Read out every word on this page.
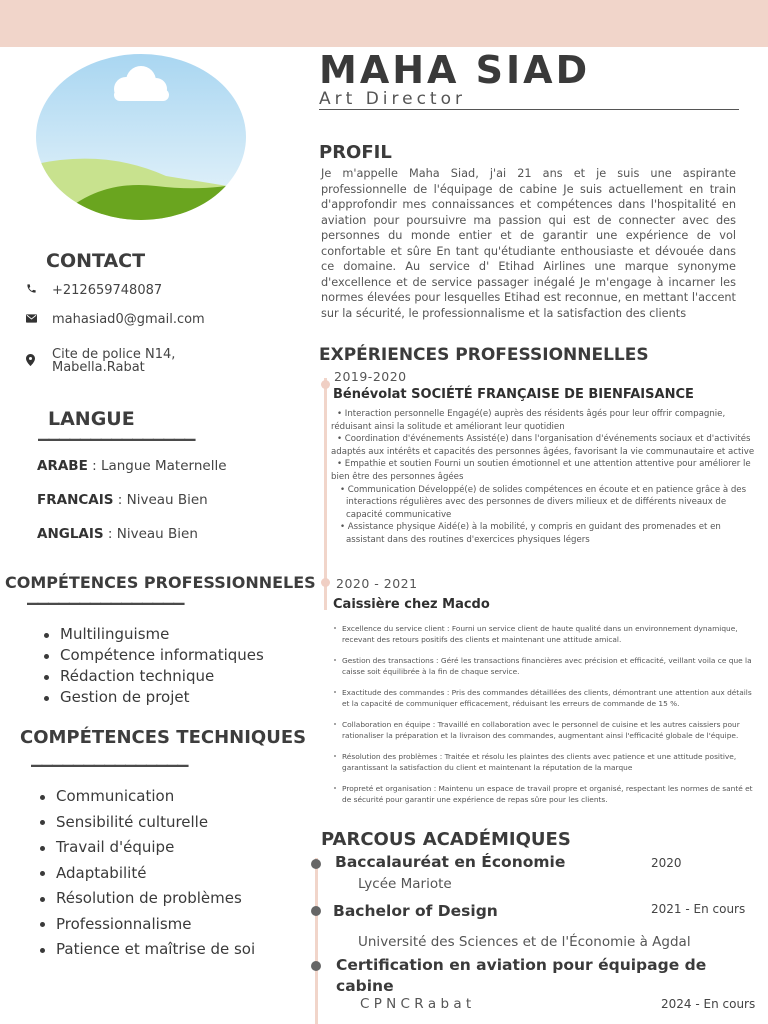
CONTACT
+212659748087
mahasiad0@gmail.com
Cite de police N14,
Mabella.Rabat
LANGUE
–––––––––––––––
ARABE : Langue Maternelle
FRANCAIS : Niveau Bien
ANGLAIS : Niveau Bien
COMPÉTENCES PROFESSIONNELES
–––––––––––––––
Multilinguisme
Compétence informatiques
Rédaction technique
Gestion de projet
COMPÉTENCES TECHNIQUES
–––––––––––––––
Communication
Sensibilité culturelle
Travail d'équipe
Adaptabilité
Résolution de problèmes
Professionnalisme
Patience et maîtrise de soi
MAHA SIAD
Art Director
PROFIL
Je m'appelle Maha Siad, j'ai 21 ans et je suis une aspirante professionnelle de l'équipage de cabine Je suis actuellement en train d'approfondir mes connaissances et compétences dans l'hospitalité en aviation pour poursuivre ma passion qui est de connecter avec des personnes du monde entier et de garantir une expérience de vol confortable et sûre En tant qu'étudiante enthousiaste et dévouée dans ce domaine. Au service d' Etihad Airlines une marque synonyme d'excellence et de service passager inégalé Je m'engage à incarner les normes élevées pour lesquelles Etihad est reconnue, en mettant l'accent sur la sécurité, le professionnalisme et la satisfaction des clients
EXPÉRIENCES PROFESSIONNELLES
2019-2020
Bénévolat SOCIÉTÉ FRANÇAISE DE BIENFAISANCE

• Interaction personnelle Engagé(e) auprès des résidents âgés pour leur offrir compagnie, réduisant ainsi la solitude et améliorant leur quotidien

• Coordination d'événements Assisté(e) dans l'organisation d'événements sociaux et d'activités adaptés aux intérêts et capacités des personnes âgées, favorisant la vie communautaire et active

• Empathie et soutien Fourni un soutien émotionnel et une attention attentive pour améliorer le bien être des personnes âgées

• Communication Développé(e) de solides compétences en écoute et en patience grâce à des interactions régulières avec des personnes de divers milieux et de différents niveaux de capacité communicative

• Assistance physique Aidé(e) à la mobilité, y compris en guidant des promenades et en assistant dans des routines d'exercices physiques légers

2020 - 2021
Caissière chez Macdo

Excellence du service client : Fourni un service client de haute qualité dans un environnement dynamique, recevant des retours positifs des clients et maintenant une attitude amical.

Gestion des transactions : Géré les transactions financières avec précision et efficacité, veillant voila ce que la caisse soit équilibrée à la fin de chaque service.

Exactitude des commandes : Pris des commandes détaillées des clients, démontrant une attention aux détails et la capacité de communiquer efficacement, réduisant les erreurs de commande de 15 %.

Collaboration en équipe : Travaillé en collaboration avec le personnel de cuisine et les autres caissiers pour rationaliser la préparation et la livraison des commandes, augmentant ainsi l'efficacité globale de l'équipe.

Résolution des problèmes : Traitée et résolu les plaintes des clients avec patience et une attitude positive, garantissant la satisfaction du client et maintenant la réputation de la marque

Propreté et organisation : Maintenu un espace de travail propre et organisé, respectant les normes de santé et de sécurité pour garantir une expérience de repas sûre pour les clients.

PARCOUS ACADÉMIQUES
Baccalauréat en Économie
Lycée Mariote
2020
Bachelor of Design
Université des Sciences et de l'Économie à Agdal
2021 - En cours
Certification en aviation pour équipage de
cabine
C P N C R a b a t	2024 - En cours
